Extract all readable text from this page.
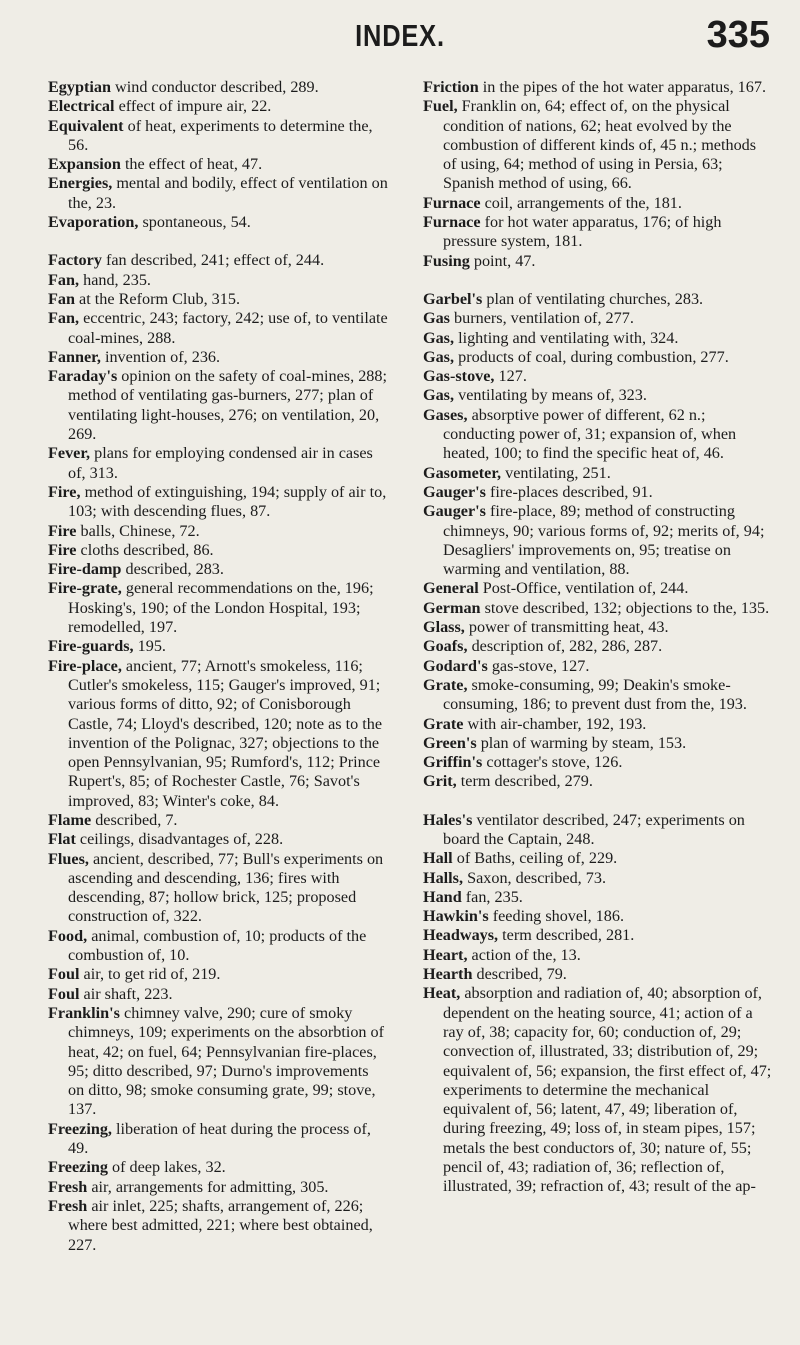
INDEX.	335

Egyptian wind conductor described, 289.

Electrical effect of impure air, 22.

Equivalent of heat, experiments to determine the, 56.

Expansion the effect of heat, 47.

Energies, mental and bodily, effect of ventilation on the, 23.

Evaporation, spontaneous, 54.

Factory fan described, 241; effect of, 244.

Fan, hand, 235.

Fan at the Reform Club, 315.

Fan, eccentric, 243; factory, 242; use of, to ventilate coal-mines, 288.

Fanner, invention of, 236.

Faraday's opinion on the safety of coal-mines, 288; method of ventilating gas-burners, 277; plan of ventilating light-houses, 276; on ventilation, 20, 269.

Fever, plans for employing condensed air in cases of, 313.

Fire, method of extinguishing, 194; supply of air to, 103; with descending flues, 87.

Fire balls, Chinese, 72.

Fire cloths described, 86.

Fire-damp described, 283.

Fire-grate, general recommendations on the, 196; Hosking's, 190; of the London Hospital, 193; remodelled, 197.

Fire-guards, 195.

Fire-place, ancient, 77; Arnott's smokeless, 116; Cutler's smokeless, 115; Gauger's improved, 91; various forms of ditto, 92; of Conisborough Castle, 74; Lloyd's described, 120; note as to the invention of the Polignac, 327; objections to the open Pennsylvanian, 95; Rumford's, 112; Prince Rupert's, 85; of Rochester Castle, 76; Savot's improved, 83; Winter's coke, 84.

Flame described, 7.

Flat ceilings, disadvantages of, 228.

Flues, ancient, described, 77; Bull's experiments on ascending and descending, 136; fires with descending, 87; hollow brick, 125; proposed construction of, 322.

Food, animal, combustion of, 10; products of the combustion of, 10.

Foul air, to get rid of, 219.

Foul air shaft, 223.

Franklin's chimney valve, 290; cure of smoky chimneys, 109; experiments on the absorbtion of heat, 42; on fuel, 64; Pennsylvanian fire-places, 95; ditto described, 97; Durno's improvements on ditto, 98; smoke consuming grate, 99; stove, 137.

Freezing, liberation of heat during the process of, 49.

Freezing of deep lakes, 32.

Fresh air, arrangements for admitting, 305.

Fresh air inlet, 225; shafts, arrangement of, 226; where best admitted, 221; where best obtained, 227.

Friction in the pipes of the hot water apparatus, 167.

Fuel, Franklin on, 64; effect of, on the physical condition of nations, 62; heat evolved by the combustion of different kinds of, 45 n.; methods of using, 64; method of using in Persia, 63; Spanish method of using, 66.

Furnace coil, arrangements of the, 181.

Furnace for hot water apparatus, 176; of high pressure system, 181.

Fusing point, 47.

Garbel's plan of ventilating churches, 283.

Gas burners, ventilation of, 277.

Gas, lighting and ventilating with, 324.

Gas, products of coal, during combustion, 277.

Gas-stove, 127.

Gas, ventilating by means of, 323.

Gases, absorptive power of different, 62 n.; conducting power of, 31; expansion of, when heated, 100; to find the specific heat of, 46.

Gasometer, ventilating, 251.

Gauger's fire-places described, 91.

Gauger's fire-place, 89; method of constructing chimneys, 90; various forms of, 92; merits of, 94; Desagliers' improvements on, 95; treatise on warming and ventilation, 88.

General Post-Office, ventilation of, 244.

German stove described, 132; objections to the, 135.

Glass, power of transmitting heat, 43.

Goafs, description of, 282, 286, 287.

Godard's gas-stove, 127.

Grate, smoke-consuming, 99; Deakin's smoke-consuming, 186; to prevent dust from the, 193.

Grate with air-chamber, 192, 193.

Green's plan of warming by steam, 153.

Griffin's cottager's stove, 126.

Grit, term described, 279.

Hales's ventilator described, 247; experiments on board the Captain, 248.

Hall of Baths, ceiling of, 229.

Halls, Saxon, described, 73.

Hand fan, 235.

Hawkin's feeding shovel, 186.

Headways, term described, 281.

Heart, action of the, 13.

Hearth described, 79.

Heat, absorption and radiation of, 40; absorption of, dependent on the heating source, 41; action of a ray of, 38; capacity for, 60; conduction of, 29; convection of, illustrated, 33; distribution of, 29; equivalent of, 56; expansion, the first effect of, 47; experiments to determine the mechanical equivalent of, 56; latent, 47, 49; liberation of, during freezing, 49; loss of, in steam pipes, 157; metals the best conductors of, 30; nature of, 55; pencil of, 43; radiation of, 36; reflection of, illustrated, 39; refraction of, 43; result of the ap-
